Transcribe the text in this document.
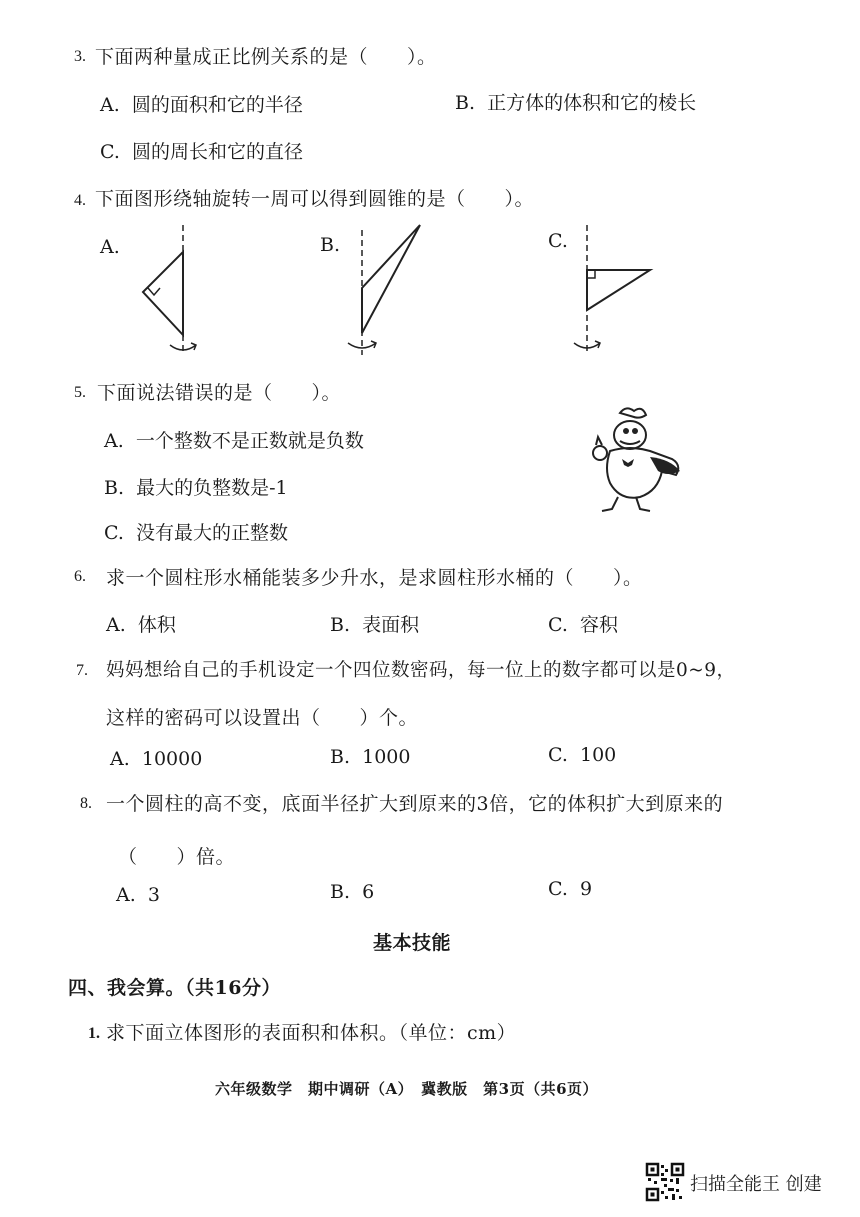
3. 下面两种量成正比例关系的是（　　）。
A. 圆的面积和它的半径	B. 正方体的体积和它的棱长
C. 圆的周长和它的直径
4. 下面图形绕轴旋转一周可以得到圆锥的是（　　）。
A.	B.	C.
5. 下面说法错误的是（　　）。
A. 一个整数不是正数就是负数
B. 最大的负整数是-1
C. 没有最大的正整数
6. 求一个圆柱形水桶能装多少升水，是求圆柱形水桶的（　　）。
A. 体积	B. 表面积	C. 容积
7. 妈妈想给自己的手机设定一个四位数密码，每一位上的数字都可以是0~9，
这样的密码可以设置出（　　）个。
A. 10000	B. 1000	C. 100
8. 一个圆柱的高不变，底面半径扩大到原来的3倍，它的体积扩大到原来的
（　　）倍。
A. 3	B. 6	C. 9
基本技能
四、我会算。（共16分）
1. 求下面立体图形的表面积和体积。（单位：cm）
六年级数学　期中调研（A）　冀教版　第3页（共6页）
扫描全能王 创建
